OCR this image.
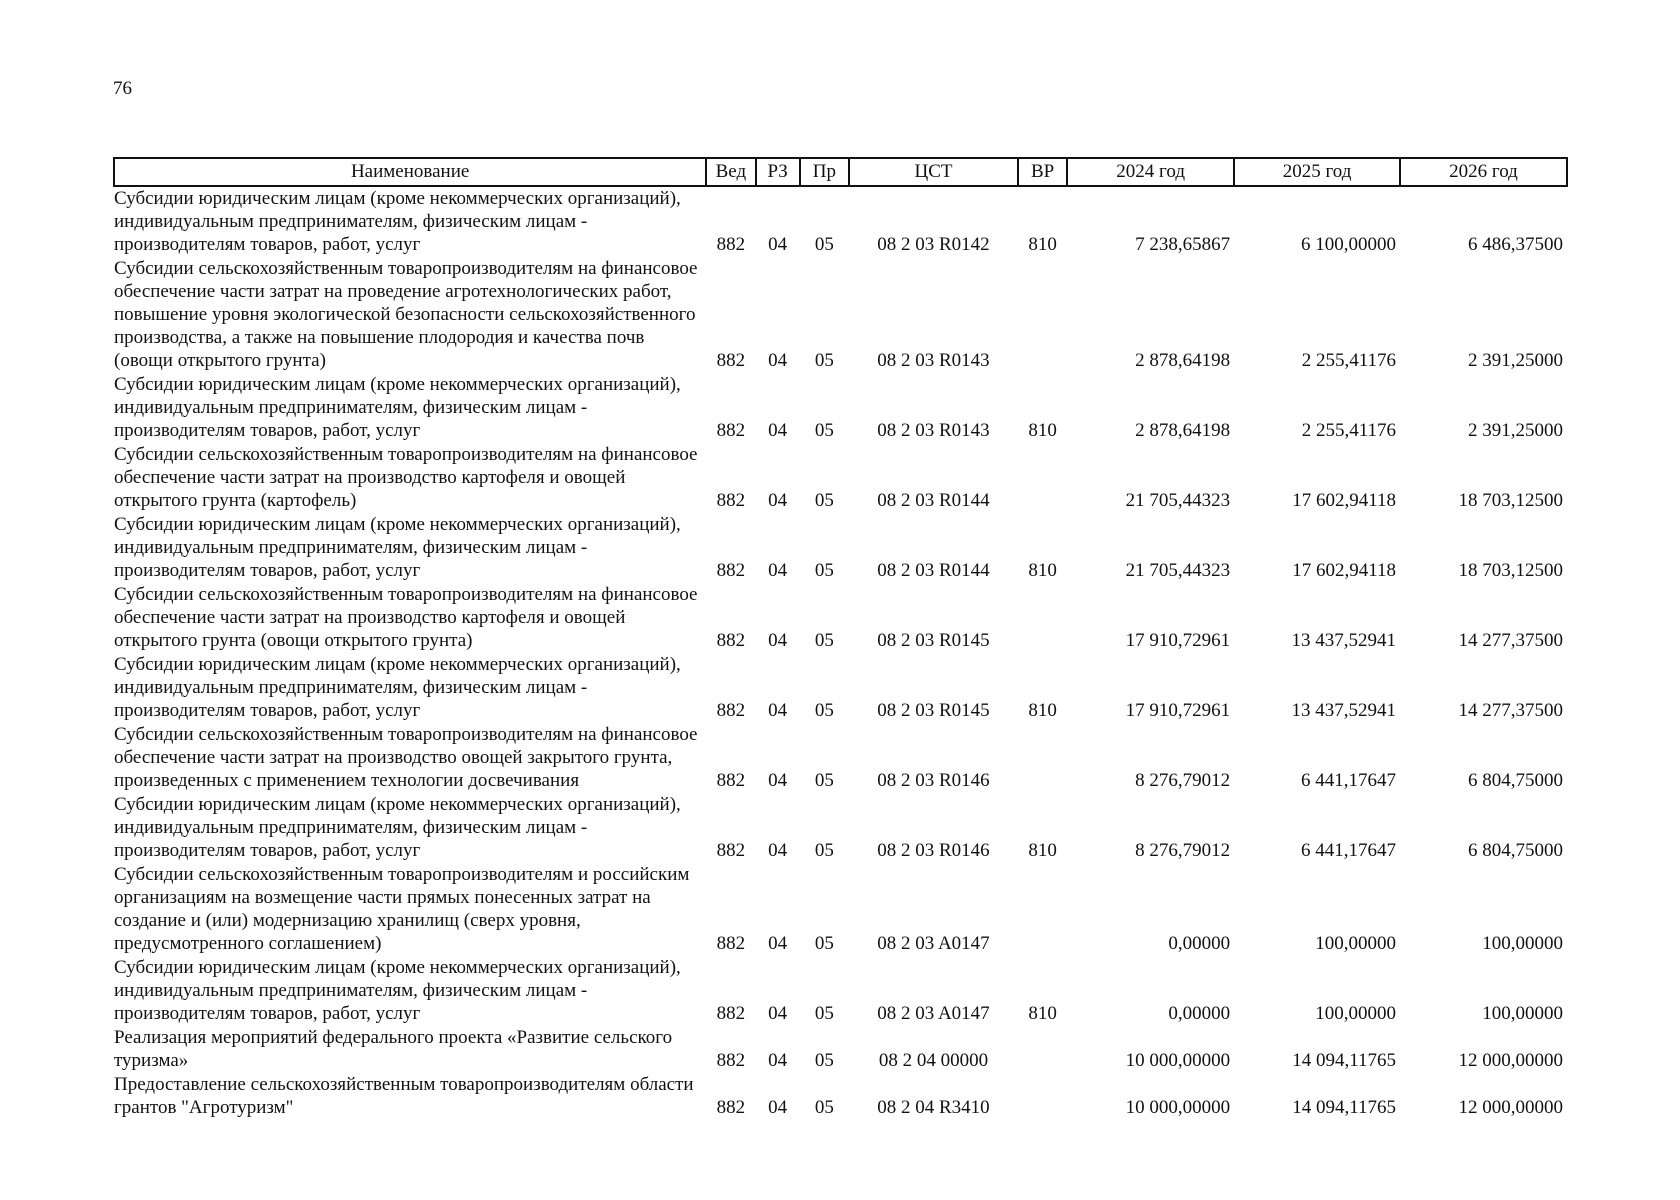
76
Наименование	Вед	РЗ	Пр	ЦСТ	ВР	2024 год	2025 год	2026 год
Субсидии юридическим лицам (кроме некоммерческих организаций), индивидуальным предпринимателям, физическим лицам - производителям товаров, работ, услуг	882	04	05	08 2 03 R0142	810	7 238,65867	6 100,00000	6 486,37500
Субсидии сельскохозяйственным товаропроизводителям на финансовое обеспечение части затрат на проведение агротехнологических работ, повышение уровня экологической безопасности сельскохозяйственного производства, а также на повышение плодородия и качества почв (овощи открытого грунта)	882	04	05	08 2 03 R0143		2 878,64198	2 255,41176	2 391,25000
Субсидии юридическим лицам (кроме некоммерческих организаций), индивидуальным предпринимателям, физическим лицам - производителям товаров, работ, услуг	882	04	05	08 2 03 R0143	810	2 878,64198	2 255,41176	2 391,25000
Субсидии сельскохозяйственным товаропроизводителям на финансовое обеспечение части затрат на производство картофеля и овощей открытого грунта (картофель)	882	04	05	08 2 03 R0144		21 705,44323	17 602,94118	18 703,12500
Субсидии юридическим лицам (кроме некоммерческих организаций), индивидуальным предпринимателям, физическим лицам - производителям товаров, работ, услуг	882	04	05	08 2 03 R0144	810	21 705,44323	17 602,94118	18 703,12500
Субсидии сельскохозяйственным товаропроизводителям на финансовое обеспечение части затрат на производство картофеля и овощей открытого грунта (овощи открытого грунта)	882	04	05	08 2 03 R0145		17 910,72961	13 437,52941	14 277,37500
Субсидии юридическим лицам (кроме некоммерческих организаций), индивидуальным предпринимателям, физическим лицам - производителям товаров, работ, услуг	882	04	05	08 2 03 R0145	810	17 910,72961	13 437,52941	14 277,37500
Субсидии сельскохозяйственным товаропроизводителям на финансовое обеспечение части затрат на производство овощей закрытого грунта, произведенных с применением технологии досвечивания	882	04	05	08 2 03 R0146		8 276,79012	6 441,17647	6 804,75000
Субсидии юридическим лицам (кроме некоммерческих организаций), индивидуальным предпринимателям, физическим лицам - производителям товаров, работ, услуг	882	04	05	08 2 03 R0146	810	8 276,79012	6 441,17647	6 804,75000
Субсидии сельскохозяйственным товаропроизводителям и российским организациям на возмещение части прямых понесенных затрат на создание и (или) модернизацию хранилищ (сверх уровня, предусмотренного соглашением)	882	04	05	08 2 03 A0147		0,00000	100,00000	100,00000
Субсидии юридическим лицам (кроме некоммерческих организаций), индивидуальным предпринимателям, физическим лицам - производителям товаров, работ, услуг	882	04	05	08 2 03 A0147	810	0,00000	100,00000	100,00000
Реализация мероприятий федерального проекта «Развитие сельского туризма»	882	04	05	08 2 04 00000		10 000,00000	14 094,11765	12 000,00000
Предоставление сельскохозяйственным товаропроизводителям области грантов "Агротуризм"	882	04	05	08 2 04 R3410		10 000,00000	14 094,11765	12 000,00000
